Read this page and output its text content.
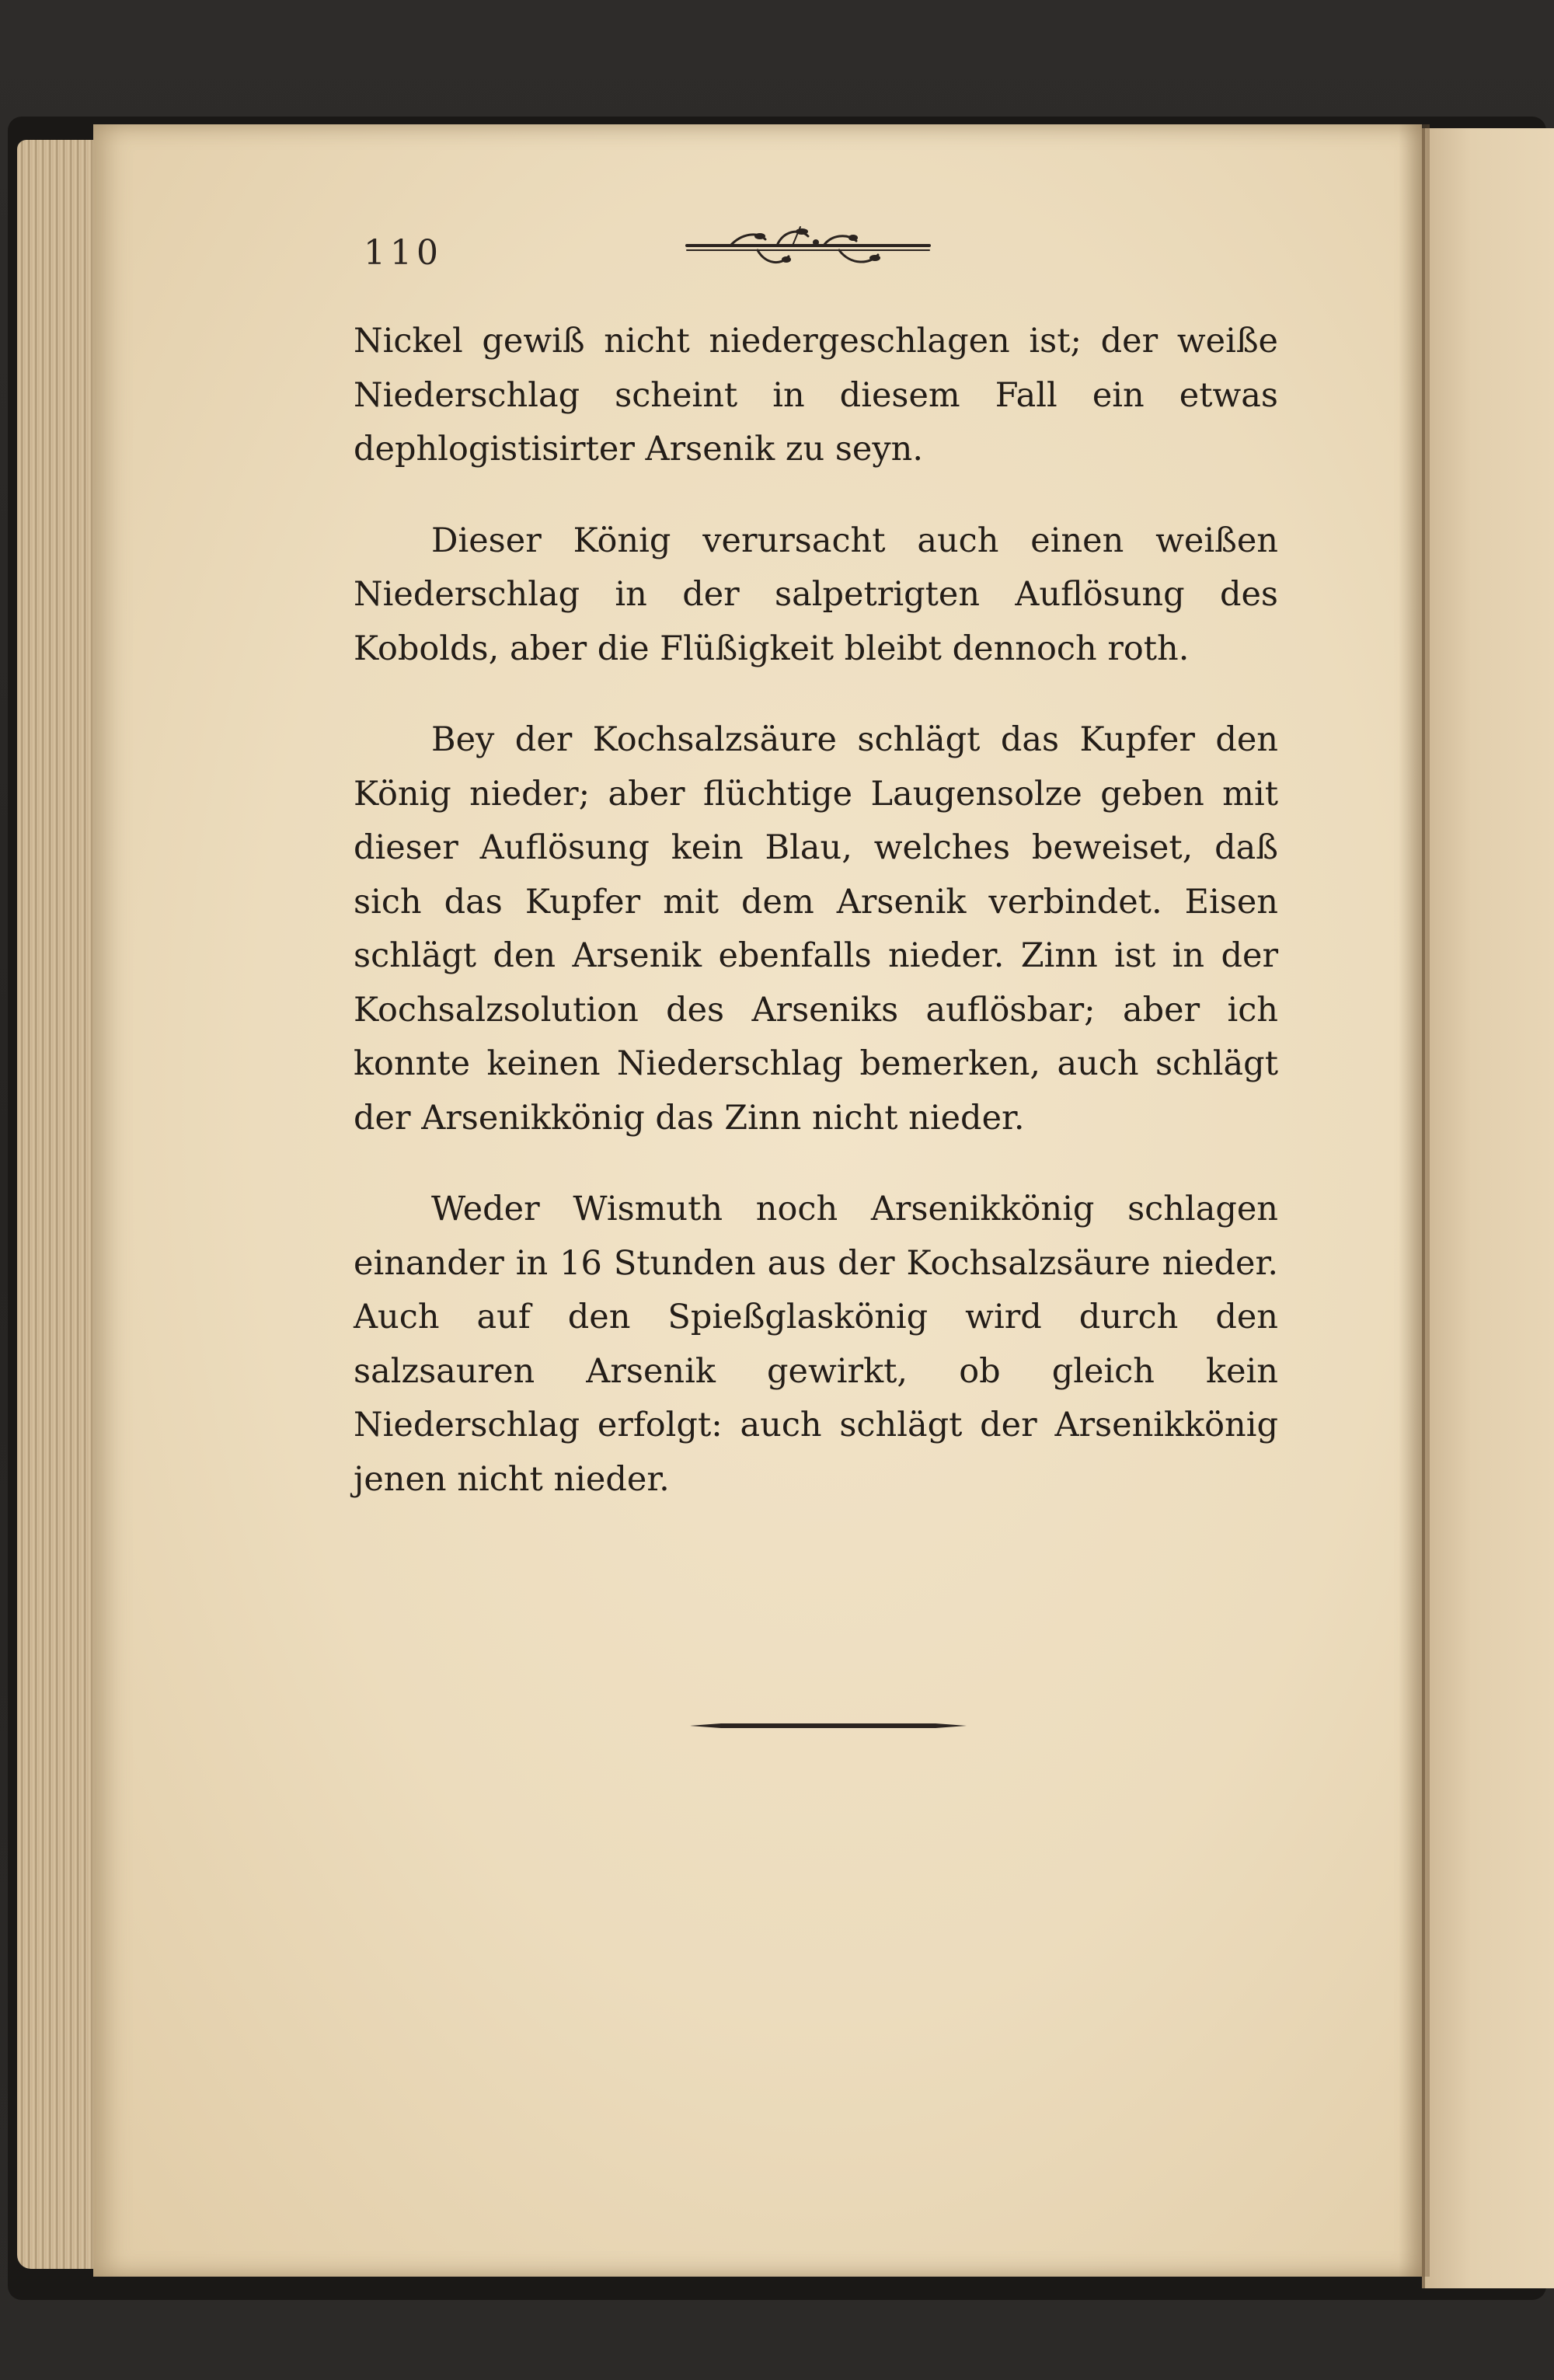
110

Nickel gewiß nicht niedergeschlagen ist; der weiße Niederschlag scheint in diesem Fall ein etwas dephlogistisirter Arsenik zu seyn.

Dieser König verursacht auch einen weißen Niederschlag in der salpetrigten Auflösung des Kobolds, aber die Flüßigkeit bleibt dennoch roth.

Bey der Kochsalzsäure schlägt das Kupfer den König nieder; aber flüchtige Laugensolze geben mit dieser Auflösung kein Blau, welches beweiset, daß sich das Kupfer mit dem Arsenik verbindet. Eisen schlägt den Arsenik ebenfalls nieder. Zinn ist in der Kochsalzsolution des Arseniks auflösbar; aber ich konnte keinen Niederschlag bemerken, auch schlägt der Arsenikkönig das Zinn nicht nieder.

Weder Wismuth noch Arsenikkönig schlagen einander in 16 Stunden aus der Kochsalzsäure nieder. Auch auf den Spießglaskönig wird durch den salzsauren Arsenik gewirkt, ob gleich kein Niederschlag erfolgt: auch schlägt der Arsenikkönig jenen nicht nieder.
